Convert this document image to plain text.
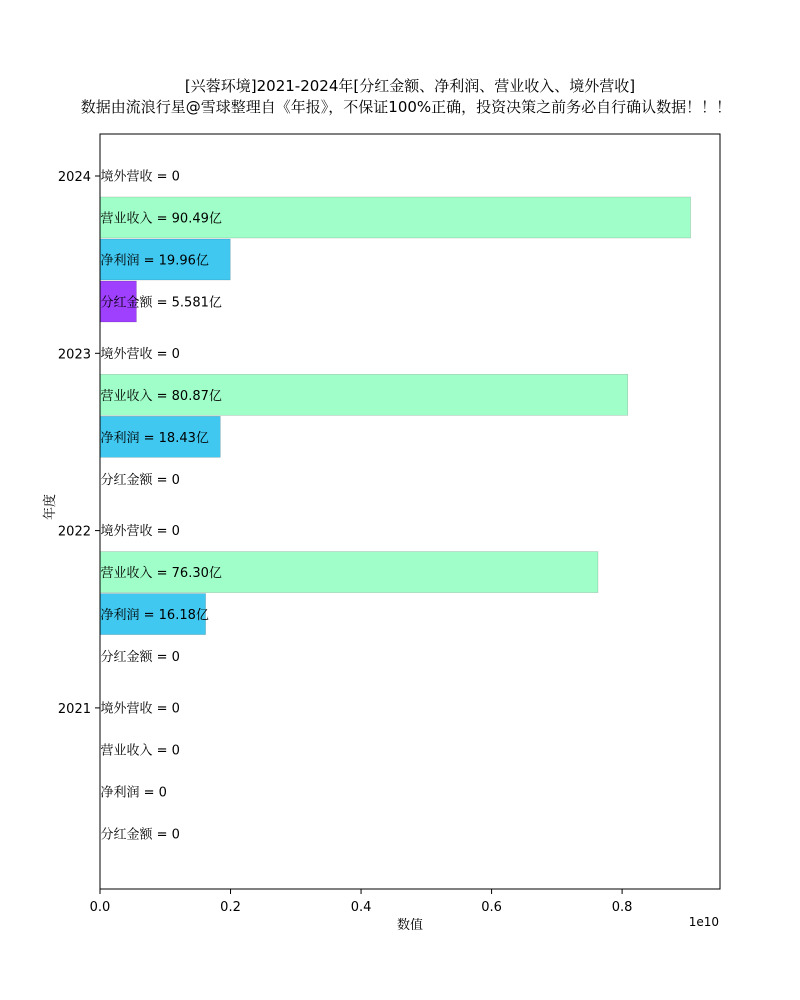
[兴蓉环境]2021-2024年[分红金额、净利润、营业收入、境外营收]
数据由流浪行星@雪球整理自《年报》，不保证100%正确，投资决策之前务必自行确认数据！！！
境外营收 = 0
营业收入 = 90.49亿
净利润 = 19.96亿
分红金额 = 5.581亿
境外营收 = 0
营业收入 = 80.87亿
净利润 = 18.43亿
分红金额 = 0
境外营收 = 0
营业收入 = 76.30亿
净利润 = 16.18亿
分红金额 = 0
境外营收 = 0
营业收入 = 0
净利润 = 0
分红金额 = 0
0.0	0.2	0.4	0.6	0.8
2024
2023
2022
2021
数值
年度
1e10
